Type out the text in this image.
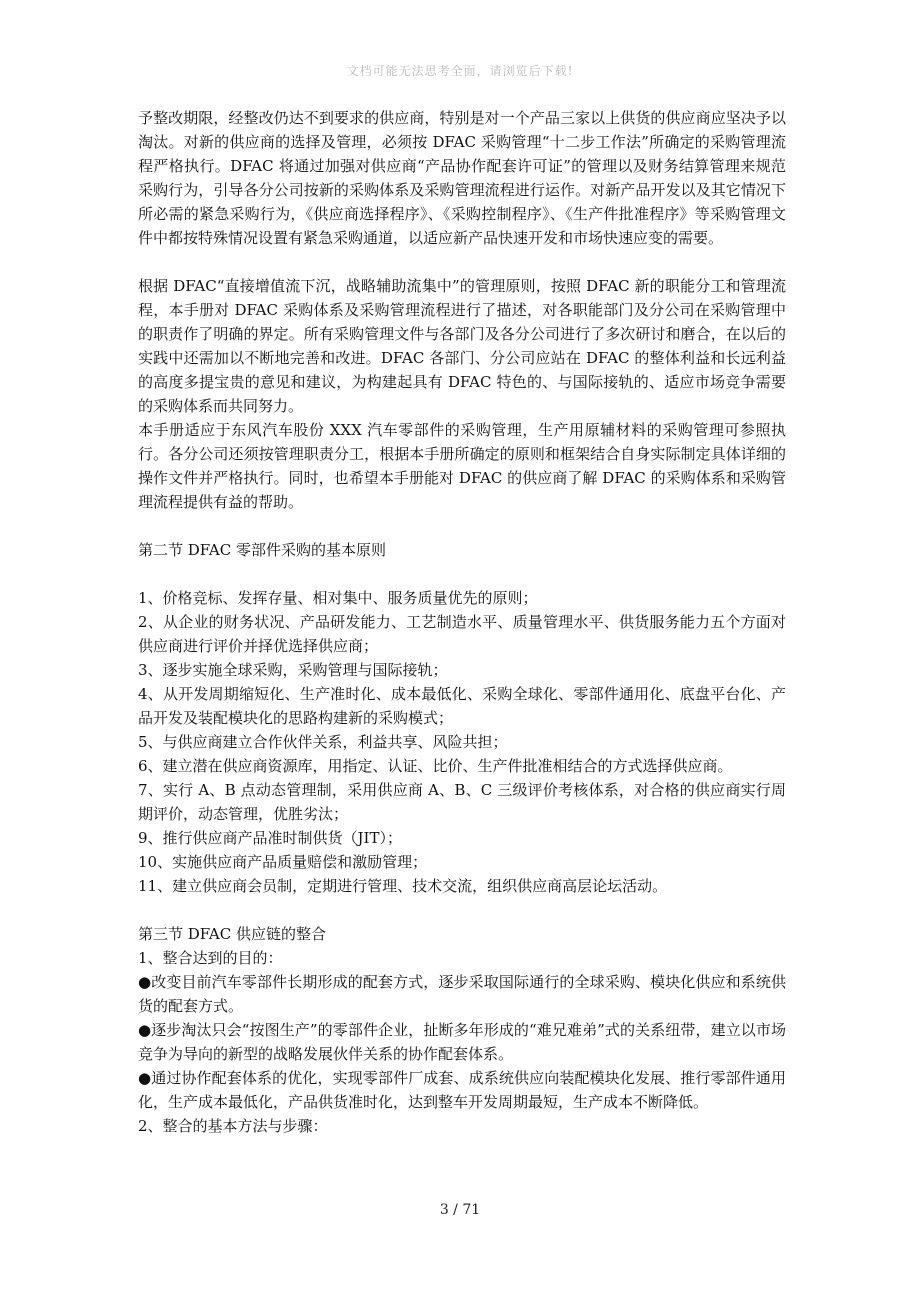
文档可能无法思考全面，请浏览后下载!

予整改期限，经整改仍达不到要求的供应商，特别是对一个产品三家以上供货的供应商应坚决予以淘汰。对新的供应商的选择及管理，必须按 DFAC 采购管理“十二步工作法”所确定的采购管理流程严格执行。DFAC 将通过加强对供应商“产品协作配套许可证”的管理以及财务结算管理来规范采购行为，引导各分公司按新的采购体系及采购管理流程进行运作。对新产品开发以及其它情况下所必需的紧急采购行为，《供应商选择程序》、《采购控制程序》、《生产件批准程序》等采购管理文件中都按特殊情况设置有紧急采购通道，以适应新产品快速开发和市场快速应变的需要。

根据 DFAC“直接增值流下沉，战略辅助流集中”的管理原则，按照 DFAC 新的职能分工和管理流程，本手册对 DFAC 采购体系及采购管理流程进行了描述，对各职能部门及分公司在采购管理中的职责作了明确的界定。所有采购管理文件与各部门及各分公司进行了多次研讨和磨合，在以后的实践中还需加以不断地完善和改进。DFAC 各部门、分公司应站在 DFAC 的整体利益和长远利益的高度多提宝贵的意见和建议，为构建起具有 DFAC 特色的、与国际接轨的、适应市场竞争需要的采购体系而共同努力。

本手册适应于东风汽车股份 XXX 汽车零部件的采购管理，生产用原辅材料的采购管理可参照执行。各分公司还须按管理职责分工，根据本手册所确定的原则和框架结合自身实际制定具体详细的操作文件并严格执行。同时，也希望本手册能对 DFAC 的供应商了解 DFAC 的采购体系和采购管理流程提供有益的帮助。

第二节 DFAC 零部件采购的基本原则

1、价格竞标、发挥存量、相对集中、服务质量优先的原则；

2、从企业的财务状况、产品研发能力、工艺制造水平、质量管理水平、供货服务能力五个方面对供应商进行评价并择优选择供应商；

3、逐步实施全球采购，采购管理与国际接轨；

4、从开发周期缩短化、生产准时化、成本最低化、采购全球化、零部件通用化、底盘平台化、产品开发及装配模块化的思路构建新的采购模式；

5、与供应商建立合作伙伴关系，利益共享、风险共担；

6、建立潜在供应商资源库，用指定、认证、比价、生产件批准相结合的方式选择供应商。

7、实行 A、B 点动态管理制，采用供应商 A、B、C 三级评价考核体系，对合格的供应商实行周期评价，动态管理，优胜劣汰；

9、推行供应商产品准时制供货（JIT）；

10、实施供应商产品质量赔偿和激励管理；

11、建立供应商会员制，定期进行管理、技术交流，组织供应商高层论坛活动。

第三节 DFAC 供应链的整合

1、整合达到的目的：

●改变目前汽车零部件长期形成的配套方式，逐步采取国际通行的全球采购、模块化供应和系统供货的配套方式。

●逐步淘汰只会“按图生产”的零部件企业，扯断多年形成的“难兄难弟”式的关系纽带，建立以市场竞争为导向的新型的战略发展伙伴关系的协作配套体系。

●通过协作配套体系的优化，实现零部件厂成套、成系统供应向装配模块化发展、推行零部件通用化，生产成本最低化，产品供货准时化，达到整车开发周期最短，生产成本不断降低。

2、整合的基本方法与步骤：

3 / 71
